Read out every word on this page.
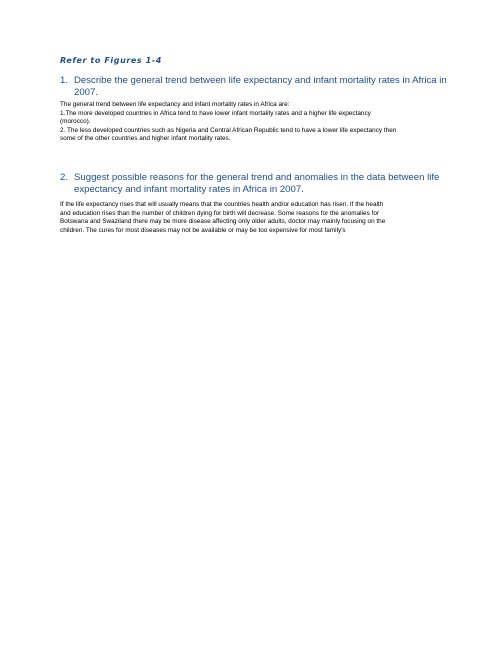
Refer to Figures 1-4
1. Describe the general trend between life expectancy and infant mortality rates in Africa in 2007.
The general trend between life expectancy and infant mortality rates in Africa are:
1.The more developed countries in Africa tend to have lower infant mortality rates and a higher life expectancy
(morocco).
2. The less developed countries such as Nigeria and Central African Republic tend to have a lower life expectancy then
some of the other countries and higher infant mortality rates.
2. Suggest possible reasons for the general trend and anomalies in the data between life expectancy and infant mortality rates in Africa in 2007.
If the life expectancy rises that will usually means that the countries health and/or education has risen. If the health
and education rises than the number of children dying for birth will decrease. Some reasons for the anomalies for
Botswana and Swaziland there may be more disease affecting only older adults, doctor may mainly focusing on the
children. The cures for most diseases may not be available or may be too expensive for most family's
